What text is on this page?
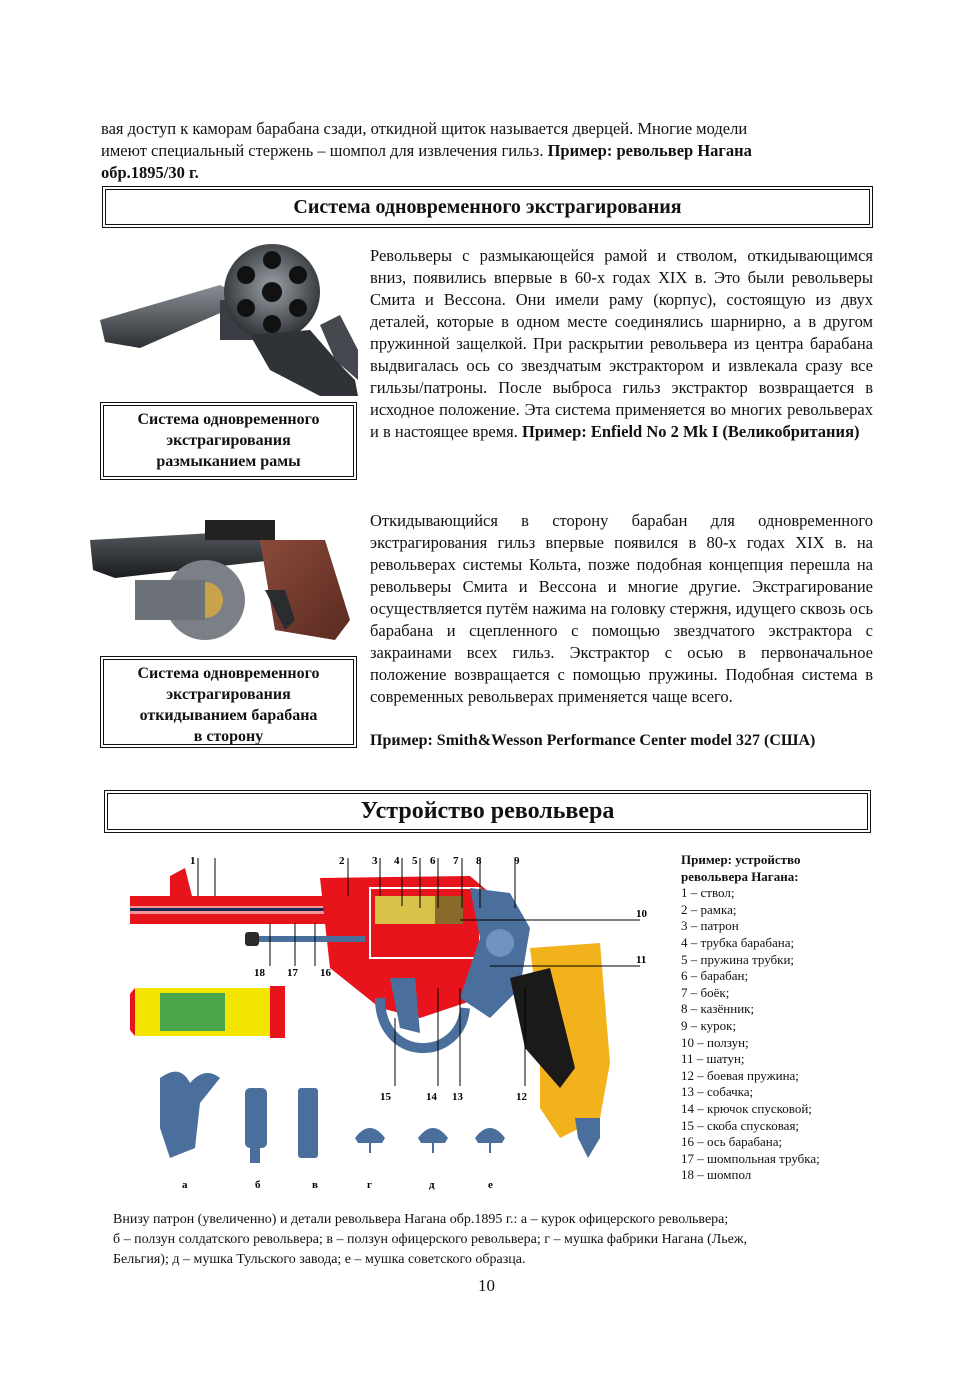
вая доступ к каморам барабана сзади, откидной щиток называется дверцей. Многие модели
имеют специальный стержень – шомпол для извлечения гильз. Пример: револьвер Нагана
обр.1895/30 г.
Система одновременного экстрагирования
Система одновременного
экстрагирования
размыканием рамы
Револьверы с размыкающейся рамой и стволом, откидывающимся вниз, появились впервые в 60-х годах XIX в. Это были револьверы Смита и Вессона. Они имели раму (корпус), состоящую из двух деталей, которые в одном месте соединялись шарнирно, а в другом пружинной защелкой. При раскрытии револьвера из центра барабана выдвигалась ось со звездчатым экстрактором и извлекала сразу все гильзы/патроны. После выброса гильз экстрактор возвращается в исходное положение. Эта система применяется во многих револьверах и в настоящее время. Пример: Enfield No 2 Mk I (Великобритания)
Система одновременного
экстрагирования
откидыванием барабана
в сторону
Откидывающийся в сторону барабан для одновременного экстрагирования гильз впервые появился в 80-х годах XIX в. на револьверах системы Кольта, позже подобная концепция перешла на револьверы Смита и Вессона и многие другие. Экстрагирование осуществляется путём нажима на головку стержня, идущего сквозь ось барабана и сцепленного с помощью звездчатого экстрактора с закраинами всех гильз. Экстрактор с осью в первоначальное положение возвращается с помощью пружины. Подобная система в современных револьверах применяется чаще всего.
Пример: Smith&Wesson Performance Center model 327 (США)
Устройство револьвера
1	2	3 4 5 6 7 8	9
10
11
12
13
14
15
16
17
18
а	б	в	г	д	е
Пример: устройство
револьвера Нагана:
1 – ствол;
2 – рамка;
3 – патрон
4 – трубка барабана;
5 – пружина трубки;
6 – барабан;
7 – боёк;
8 – казённик;
9 – курок;
10 – ползун;
11 – шатун;
12 – боевая пружина;
13 – собачка;
14 – крючок спусковой;
15 – скоба спусковая;
16 – ось барабана;
17 – шомпольная трубка;
18 – шомпол
Внизу патрон (увеличенно) и детали револьвера Нагана обр.1895 г.: а – курок офицерского револьвера;
б – ползун солдатского револьвера; в – ползун офицерского револьвера; г – мушка фабрики Нагана (Льеж,
Бельгия); д – мушка Тульского завода; е – мушка советского образца.
10
